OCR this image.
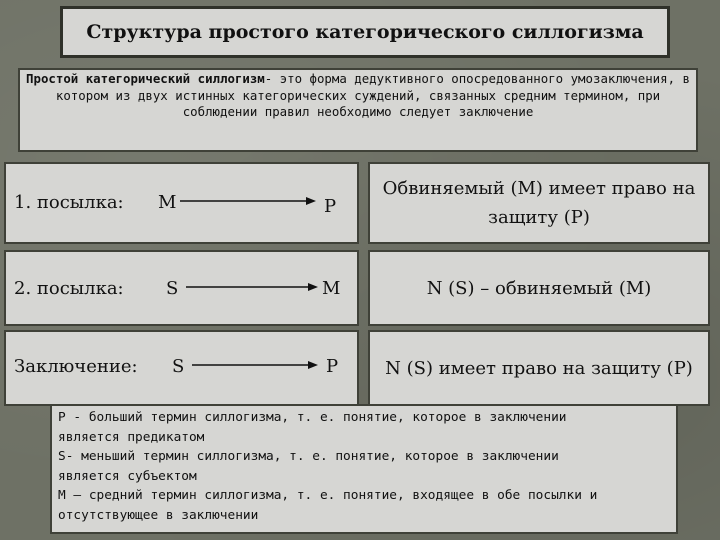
Структура простого категорического силлогизма
Простой категорический силлогизм- это форма дедуктивного опосредованного умозаключения, в котором из двух истинных категорических суждений, связанных средним термином, при соблюдении правил необходимо следует заключение
1. посылка: M	P
Обвиняемый (М) имеет право на защиту (Р)
2. посылка: S	M	N (S) – обвиняемый (М)
Заключение: S	P	N (S) имеет право на защиту (Р)
Р - больший термин силлогизма, т. е. понятие, которое в заключении
является предикатом
S- меньший термин силлогизма, т. е. понятие, которое в заключении
является субъектом
М – средний термин силлогизма, т. е. понятие, входящее в обе посылки и
отсутствующее в заключении
